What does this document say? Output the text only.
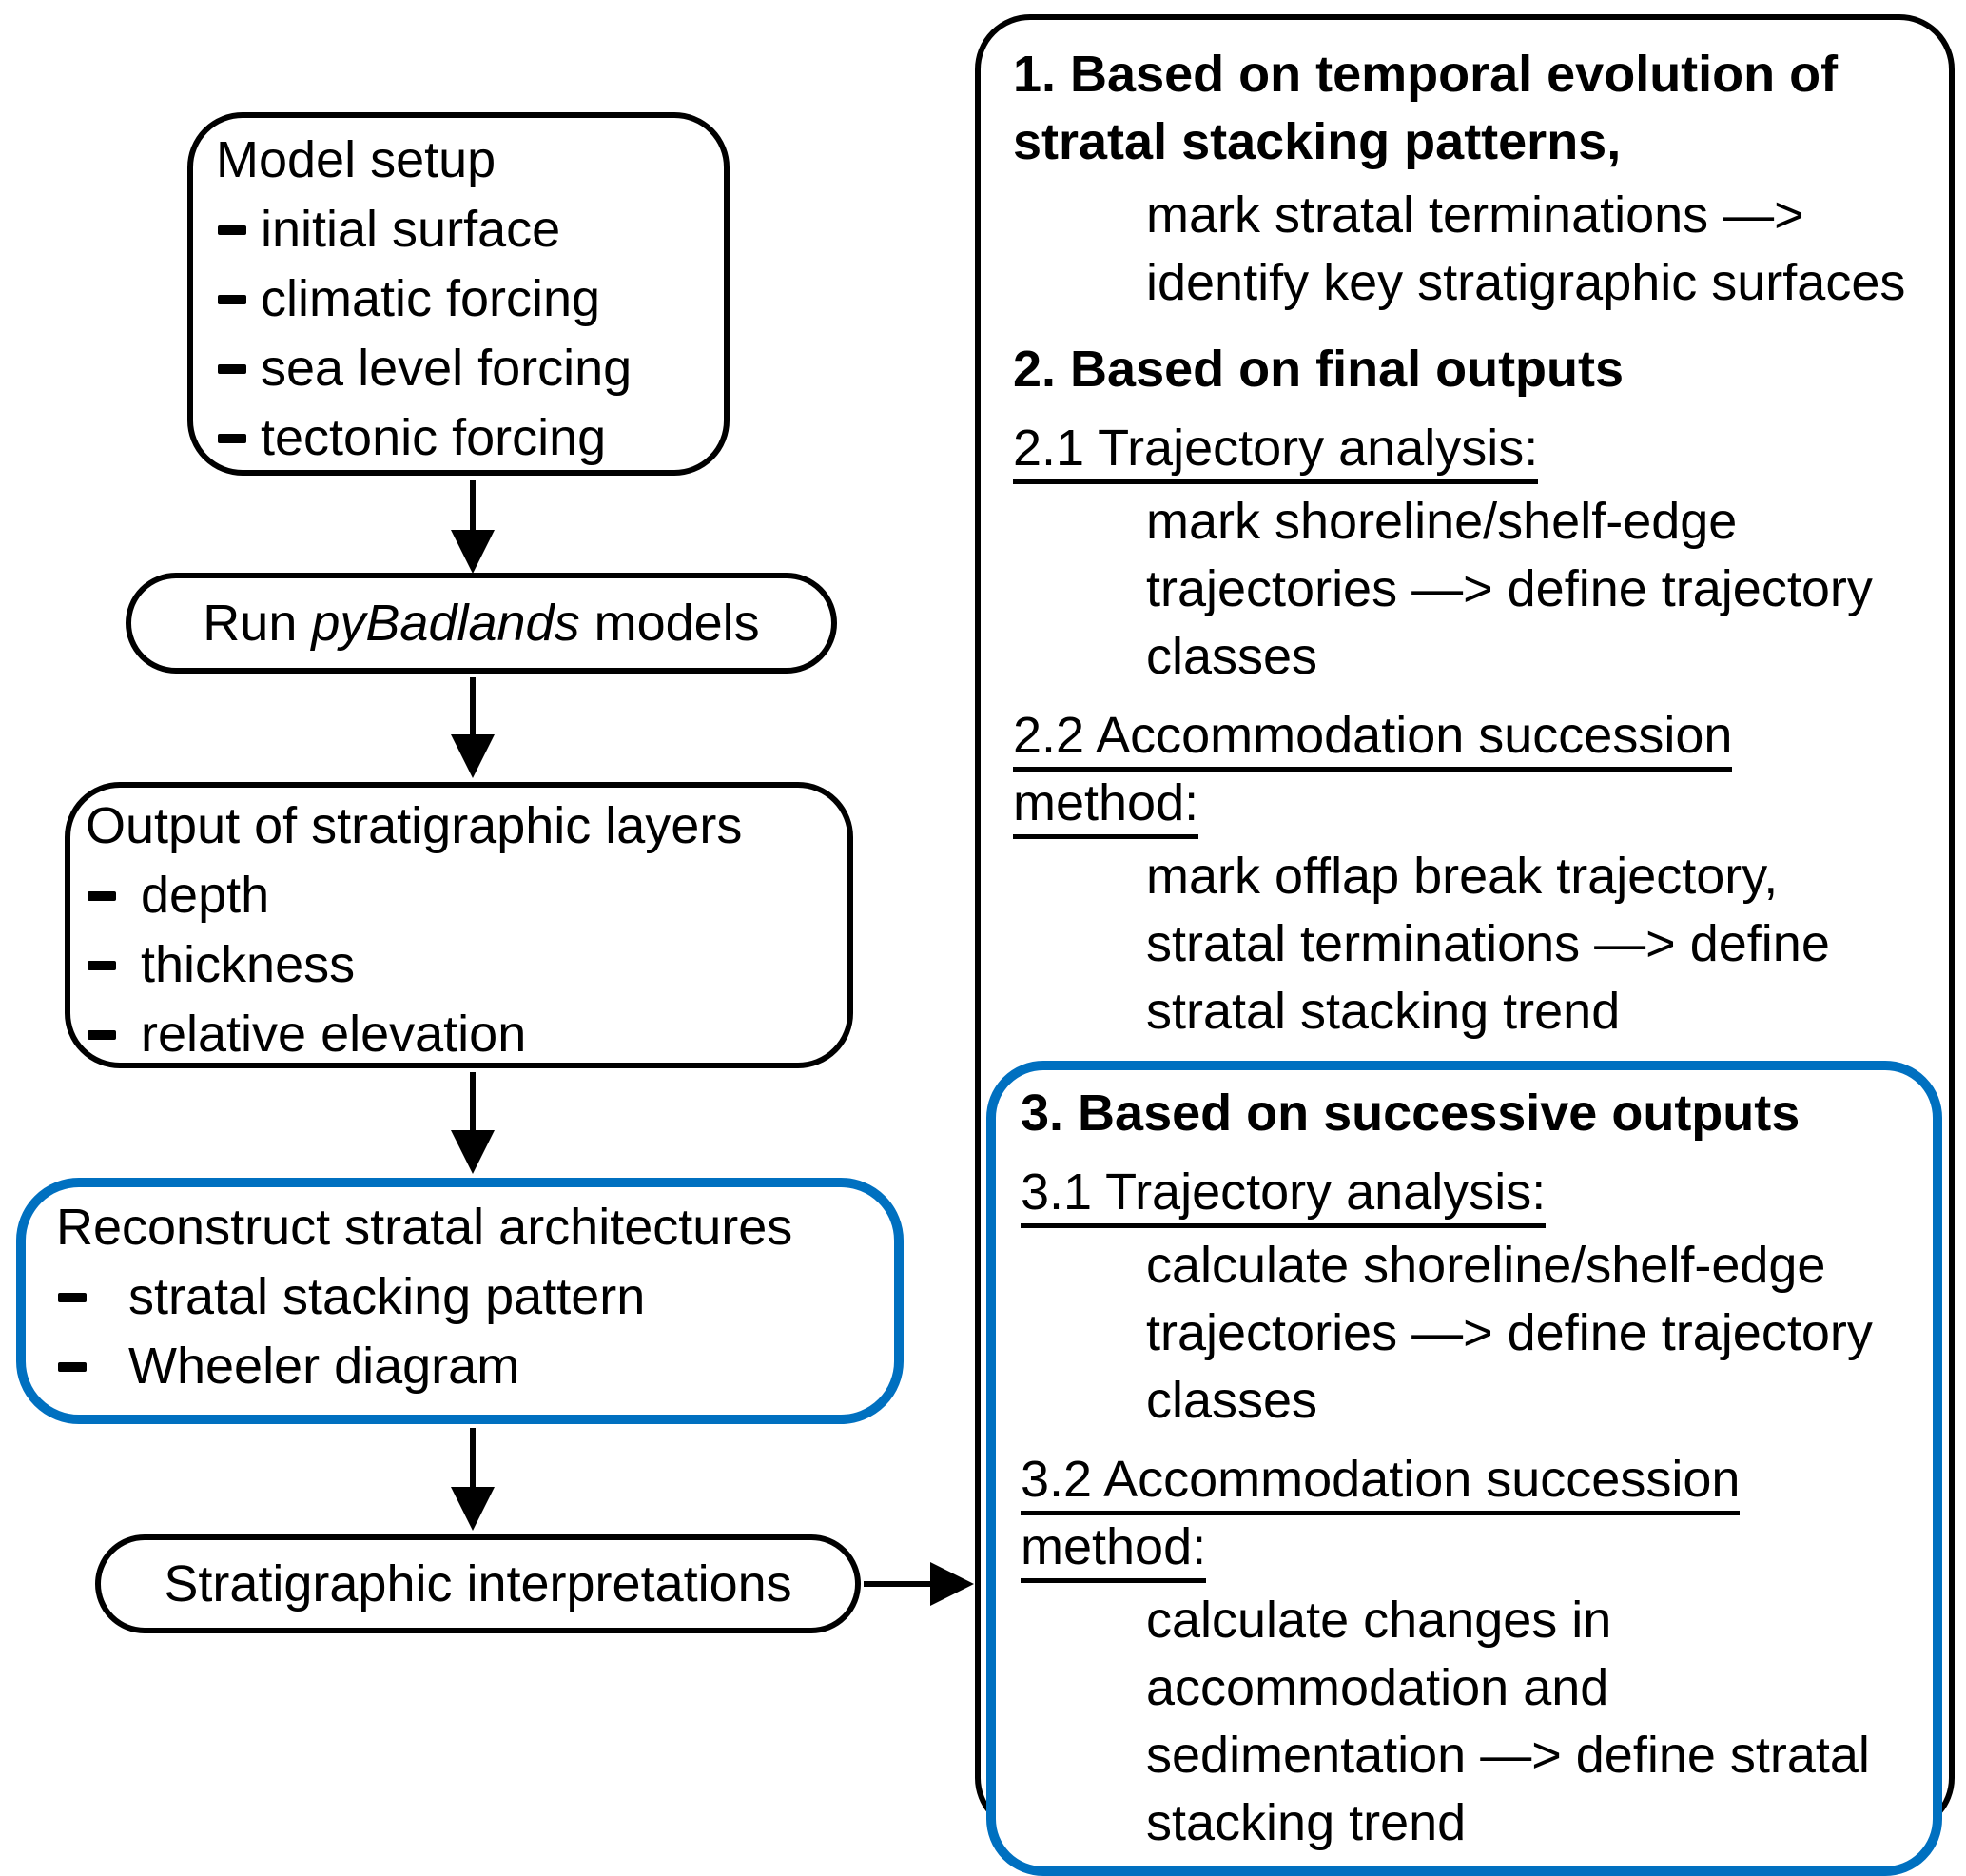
Model setup
initial surface
climatic forcing
sea level forcing
tectonic forcing
Run pyBadlands models
Output of stratigraphic layers
depth
thickness
relative elevation
Reconstruct stratal architectures
stratal stacking pattern
Wheeler diagram
Stratigraphic interpretations
1. Based on temporal evolution of
stratal stacking patterns,
mark stratal terminations —>
identify key stratigraphic surfaces
2. Based on final outputs
2.1 Trajectory analysis:
mark shoreline/shelf-edge
trajectories —> define trajectory
classes
2.2 Accommodation succession
method:
mark offlap break trajectory,
stratal terminations —> define
stratal stacking trend
3. Based on successive outputs
3.1 Trajectory analysis:
calculate shoreline/shelf-edge
trajectories —> define trajectory
classes
3.2 Accommodation succession
method:
calculate changes in
accommodation and
sedimentation —> define stratal
stacking trend
